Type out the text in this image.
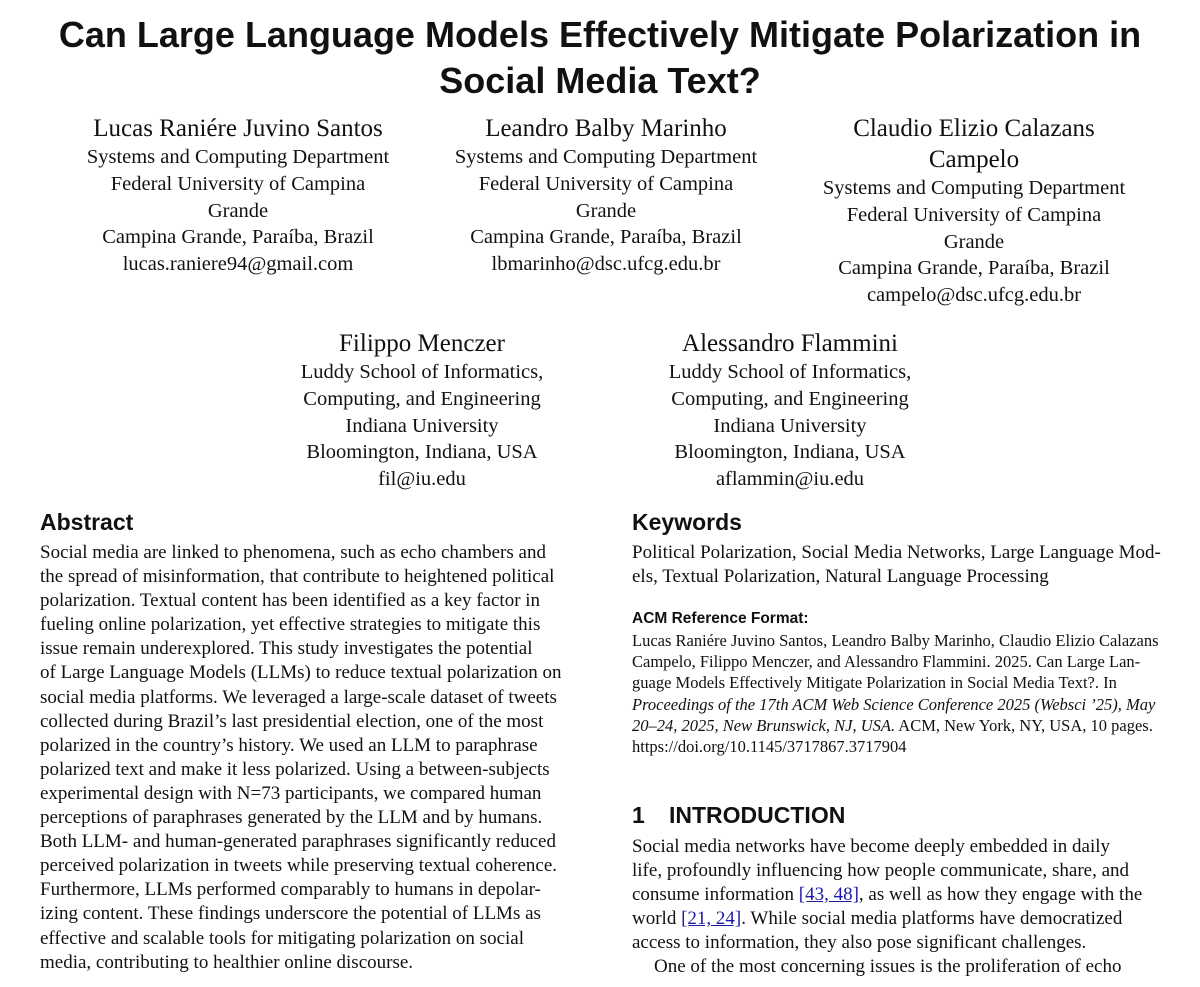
Can Large Language Models Effectively Mitigate Polarization in
Social Media Text?
Lucas Raniére Juvino Santos
Systems and Computing Department
Federal University of Campina
Grande
Campina Grande, Paraíba, Brazil
lucas.raniere94@gmail.com
Leandro Balby Marinho
Systems and Computing Department
Federal University of Campina
Grande
Campina Grande, Paraíba, Brazil
lbmarinho@dsc.ufcg.edu.br
Claudio Elizio Calazans
Campelo
Systems and Computing Department
Federal University of Campina
Grande
Campina Grande, Paraíba, Brazil
campelo@dsc.ufcg.edu.br
Filippo Menczer
Luddy School of Informatics,
Computing, and Engineering
Indiana University
Bloomington, Indiana, USA
fil@iu.edu
Alessandro Flammini
Luddy School of Informatics,
Computing, and Engineering
Indiana University
Bloomington, Indiana, USA
aflammin@iu.edu
Abstract
Social media are linked to phenomena, such as echo chambers and
the spread of misinformation, that contribute to heightened political
polarization. Textual content has been identified as a key factor in
fueling online polarization, yet effective strategies to mitigate this
issue remain underexplored. This study investigates the potential
of Large Language Models (LLMs) to reduce textual polarization on
social media platforms. We leveraged a large-scale dataset of tweets
collected during Brazil’s last presidential election, one of the most
polarized in the country’s history. We used an LLM to paraphrase
polarized text and make it less polarized. Using a between-subjects
experimental design with N=73 participants, we compared human
perceptions of paraphrases generated by the LLM and by humans.
Both LLM- and human-generated paraphrases significantly reduced
perceived polarization in tweets while preserving textual coherence.
Furthermore, LLMs performed comparably to humans in depolar-
izing content. These findings underscore the potential of LLMs as
effective and scalable tools for mitigating polarization on social
media, contributing to healthier online discourse.
Keywords
Political Polarization, Social Media Networks, Large Language Mod-
els, Textual Polarization, Natural Language Processing
ACM Reference Format:
Lucas Raniére Juvino Santos, Leandro Balby Marinho, Claudio Elizio Calazans
Campelo, Filippo Menczer, and Alessandro Flammini. 2025. Can Large Lan-
guage Models Effectively Mitigate Polarization in Social Media Text?. In
Proceedings of the 17th ACM Web Science Conference 2025 (Websci ’25), May
20–24, 2025, New Brunswick, NJ, USA. ACM, New York, NY, USA, 10 pages.
https://doi.org/10.1145/3717867.3717904
1 INTRODUCTION
Social media networks have become deeply embedded in daily
life, profoundly influencing how people communicate, share, and
consume information [43, 48], as well as how they engage with the
world [21, 24]. While social media platforms have democratized
access to information, they also pose significant challenges.
One of the most concerning issues is the proliferation of echo
